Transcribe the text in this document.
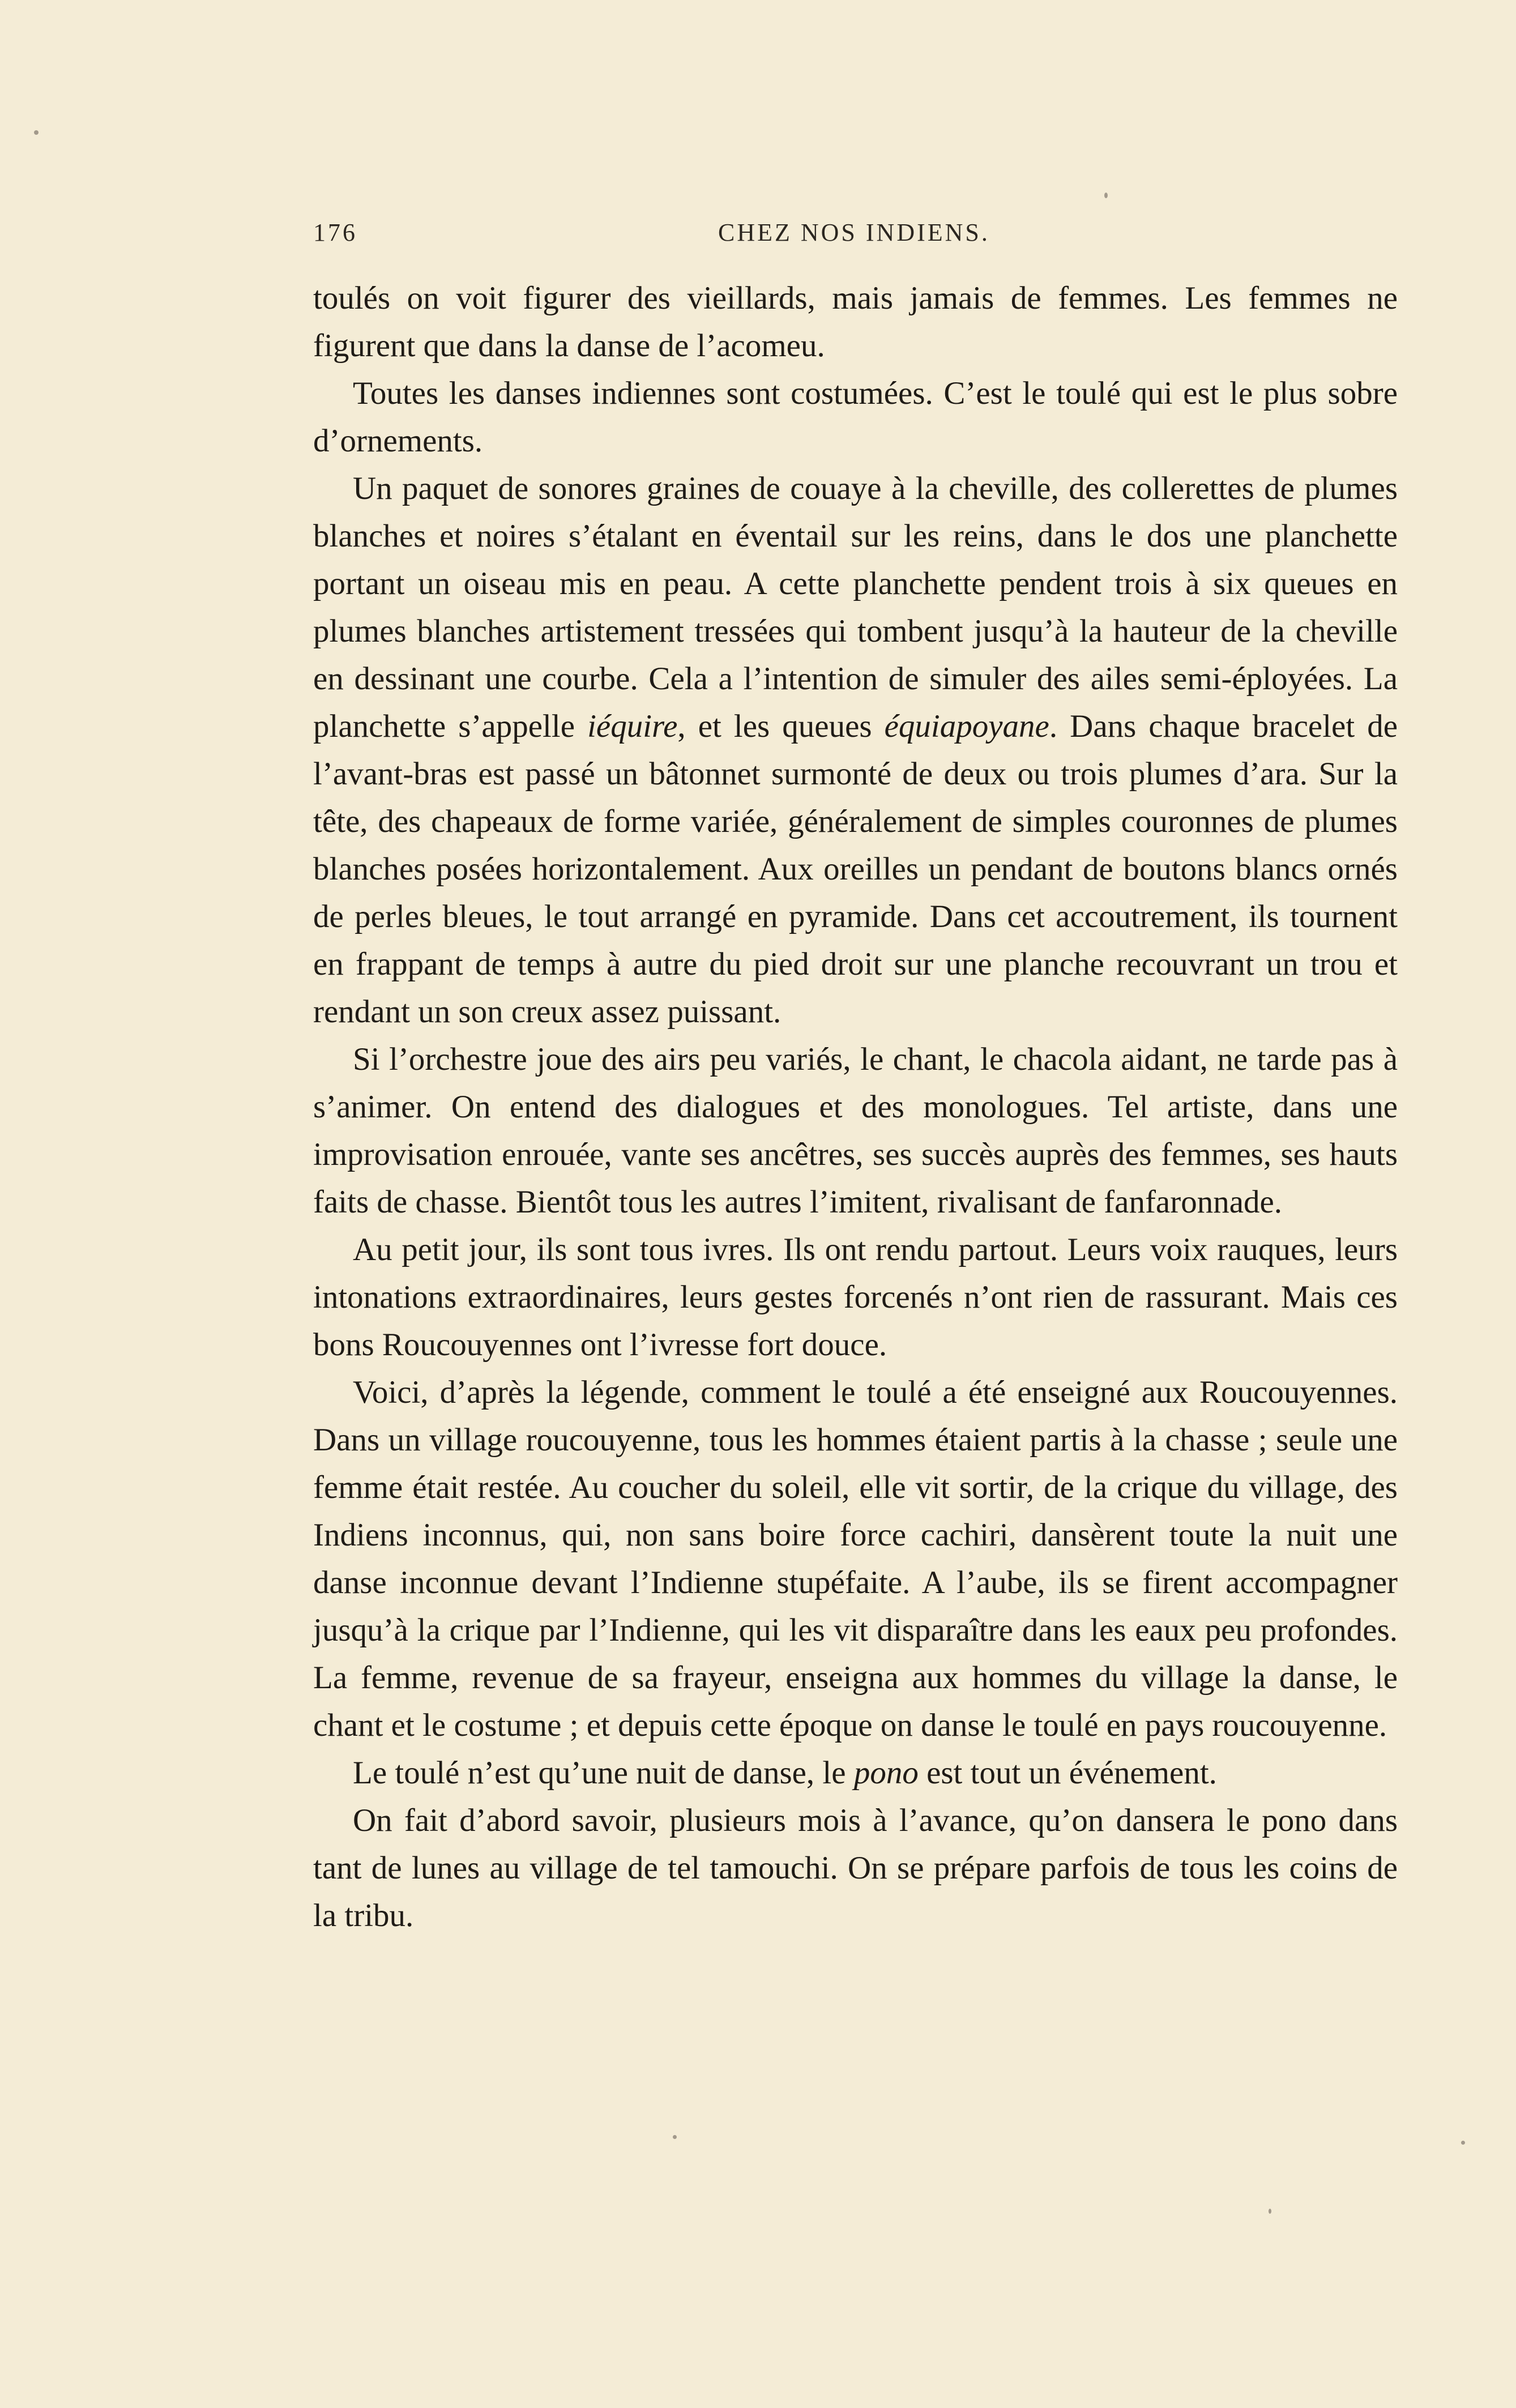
176	CHEZ NOS INDIENS.

toulés on voit figurer des vieillards, mais jamais de femmes. Les femmes ne figurent que dans la danse de l’acomeu.

Toutes les danses indiennes sont costumées. C’est le toulé qui est le plus sobre d’ornements.

Un paquet de sonores graines de couaye à la cheville, des collerettes de plumes blanches et noires s’étalant en éventail sur les reins, dans le dos une planchette portant un oiseau mis en peau. A cette planchette pendent trois à six queues en plumes blanches artistement tressées qui tombent jusqu’à la hauteur de la cheville en dessinant une courbe. Cela a l’intention de simuler des ailes semi-éployées. La planchette s’appelle iéquire, et les queues équiapoyane. Dans chaque bracelet de l’avant-bras est passé un bâtonnet surmonté de deux ou trois plumes d’ara. Sur la tête, des chapeaux de forme variée, généralement de simples couronnes de plumes blanches posées horizontalement. Aux oreilles un pendant de boutons blancs ornés de perles bleues, le tout arrangé en pyramide. Dans cet accoutrement, ils tournent en frappant de temps à autre du pied droit sur une planche recouvrant un trou et rendant un son creux assez puissant.

Si l’orchestre joue des airs peu variés, le chant, le chacola aidant, ne tarde pas à s’animer. On entend des dialogues et des monologues. Tel artiste, dans une improvisation enrouée, vante ses ancêtres, ses succès auprès des femmes, ses hauts faits de chasse. Bientôt tous les autres l’imitent, rivalisant de fanfaronnade.

Au petit jour, ils sont tous ivres. Ils ont rendu partout. Leurs voix rauques, leurs intonations extraordinaires, leurs gestes forcenés n’ont rien de rassurant. Mais ces bons Roucouyennes ont l’ivresse fort douce.

Voici, d’après la légende, comment le toulé a été enseigné aux Roucouyennes. Dans un village roucouyenne, tous les hommes étaient partis à la chasse ; seule une femme était restée. Au coucher du soleil, elle vit sortir, de la crique du village, des Indiens inconnus, qui, non sans boire force cachiri, dansèrent toute la nuit une danse inconnue devant l’Indienne stupéfaite. A l’aube, ils se firent accompagner jusqu’à la crique par l’Indienne, qui les vit disparaître dans les eaux peu profondes. La femme, revenue de sa frayeur, enseigna aux hommes du village la danse, le chant et le costume ; et depuis cette époque on danse le toulé en pays roucouyenne.

Le toulé n’est qu’une nuit de danse, le pono est tout un événement.

On fait d’abord savoir, plusieurs mois à l’avance, qu’on dansera le pono dans tant de lunes au village de tel tamouchi. On se prépare parfois de tous les coins de la tribu.
